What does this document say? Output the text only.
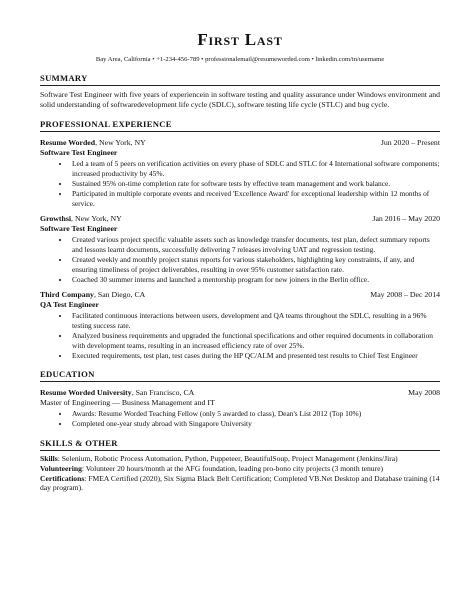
First Last
Bay Area, California • +1-234-456-789 • professionalemail@resumeworded.com • linkedin.com/in/username
SUMMARY
Software Test Engineer with five years of experiencein in software testing and quality assurance under Windows environment and solid understanding of softwaredevelopment life cycle (SDLC), software testing life cycle (STLC) and bug cycle.
PROFESSIONAL EXPERIENCE
Resume Worded, New York, NY	Jun 2020 – Present
Software Test Engineer
• Led a team of 5 peers on verification activities on every phase of SDLC and STLC for 4 International software components; increased productivity by 45%.
• Sustained 95% on-time completion rate for software tests by effective team management and work balance.
• Participated in multiple corporate events and received 'Excellence Award' for exceptional leadership within 12 months of service.
Growthsi, New York, NY	Jan 2016 – May 2020
Software Test Engineer
• Created various project specific valuable assets such as knowledge transfer documents, test plan, defect summary reports and lessons learnt documents, successfully delivering 7 releases involving UAT and regression testing.
• Created weekly and monthly project status reports for various stakeholders, highlighting key constraints, if any, and ensuring timeliness of project deliverables, resulting in over 95% customer satisfaction rate.
• Coached 30 summer interns and launched a mentorship program for new joiners in the Berlin office.
Third Company, San Diego, CA	May 2008 – Dec 2014
QA Test Engineer
• Facilitated continuous interactions between users, development and QA teams throughout the SDLC, resulting in a 96% testing success rate.
• Analyzed business requirements and upgraded the functional specifications and other required documents in collaboration with development teams, resulting in an increased efficiency rate of over 25%.
• Executed requirements, test plan, test cases during the HP QC/ALM and presented test results to Chief Test Engineer
EDUCATION
Resume Worded University, San Francisco, CA	May 2008
Master of Engineering — Business Management and IT
• Awards: Resume Worded Teaching Fellow (only 5 awarded to class), Dean's List 2012 (Top 10%)
• Completed one-year study abroad with Singapore University
SKILLS & OTHER
Skills: Selenium, Robotic Process Automation, Python, Puppeteer, BeautifulSoup, Project Management (Jenkins/Jira)
Volunteering: Volunteer 20 hours/month at the AFG foundation, leading pro-bono city projects (3 month tenure)
Certifications: FMEA Certified (2020), Six Sigma Black Belt Certification; Completed VB.Net Desktop and Database training (14 day program).
